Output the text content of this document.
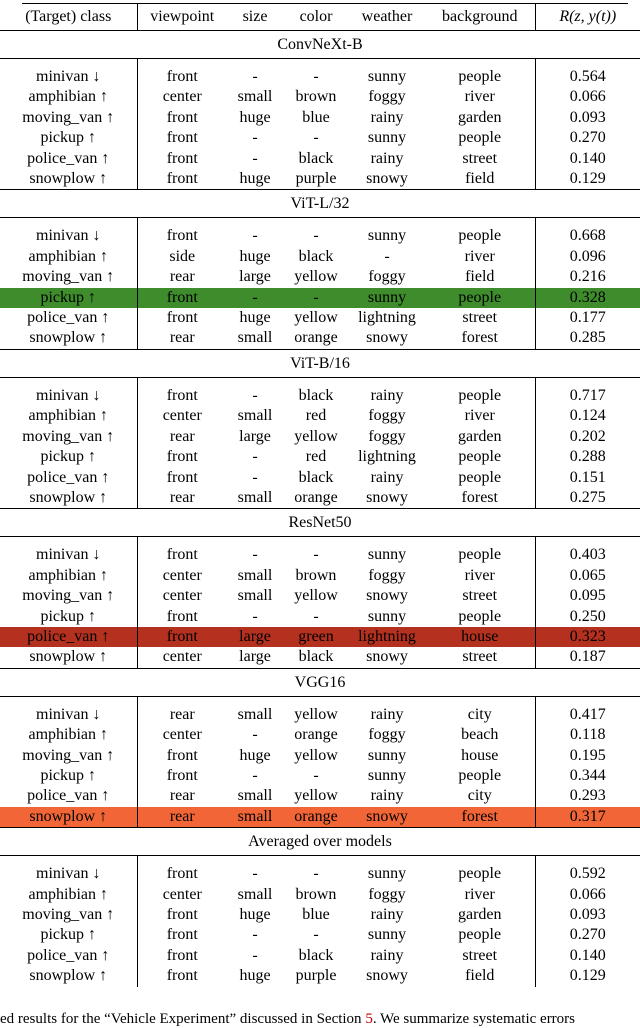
(Target) class	viewpoint	size	color	weather	background	R(z, y(t))
ConvNeXt-B						

minivan ↓	front	-	-	sunny	people	0.564
amphibian ↑	center	small	brown	foggy	river	0.066
moving_van ↑	front	huge	blue	rainy	garden	0.093
pickup ↑	front	-	-	sunny	people	0.270
police_van ↑	front	-	black	rainy	street	0.140
snowplow ↑	front	huge	purple	snowy	field	0.129
ViT-L/32						

minivan ↓	front	-	-	sunny	people	0.668
amphibian ↑	side	huge	black	-	river	0.096
moving_van ↑	rear	large	yellow	foggy	field	0.216
pickup ↑	front	-	-	sunny	people	0.328
police_van ↑	front	huge	yellow	lightning	street	0.177
snowplow ↑	rear	small	orange	snowy	forest	0.285
ViT-B/16						

minivan ↓	front	-	black	rainy	people	0.717
amphibian ↑	center	small	red	foggy	river	0.124
moving_van ↑	rear	large	yellow	foggy	garden	0.202
pickup ↑	front	-	red	lightning	people	0.288
police_van ↑	front	-	black	rainy	people	0.151
snowplow ↑	rear	small	orange	snowy	forest	0.275
ResNet50						

minivan ↓	front	-	-	sunny	people	0.403
amphibian ↑	center	small	brown	foggy	river	0.065
moving_van ↑	center	small	yellow	snowy	street	0.095
pickup ↑	front	-	-	sunny	people	0.250
police_van ↑	front	large	green	lightning	house	0.323
snowplow ↑	center	large	black	snowy	street	0.187
VGG16						

minivan ↓	rear	small	yellow	rainy	city	0.417
amphibian ↑	center	-	orange	foggy	beach	0.118
moving_van ↑	front	huge	yellow	sunny	house	0.195
pickup ↑	front	-	-	sunny	people	0.344
police_van ↑	rear	small	yellow	rainy	city	0.293
snowplow ↑	rear	small	orange	snowy	forest	0.317
Averaged over models						

minivan ↓	front	-	-	sunny	people	0.592
amphibian ↑	center	small	brown	foggy	river	0.066
moving_van ↑	front	huge	blue	rainy	garden	0.093
pickup ↑	front	-	-	sunny	people	0.270
police_van ↑	front	-	black	rainy	street	0.140
snowplow ↑	front	huge	purple	snowy	field	0.129
ed results for the “Vehicle Experiment” discussed in Section 5. We summarize systematic errors
